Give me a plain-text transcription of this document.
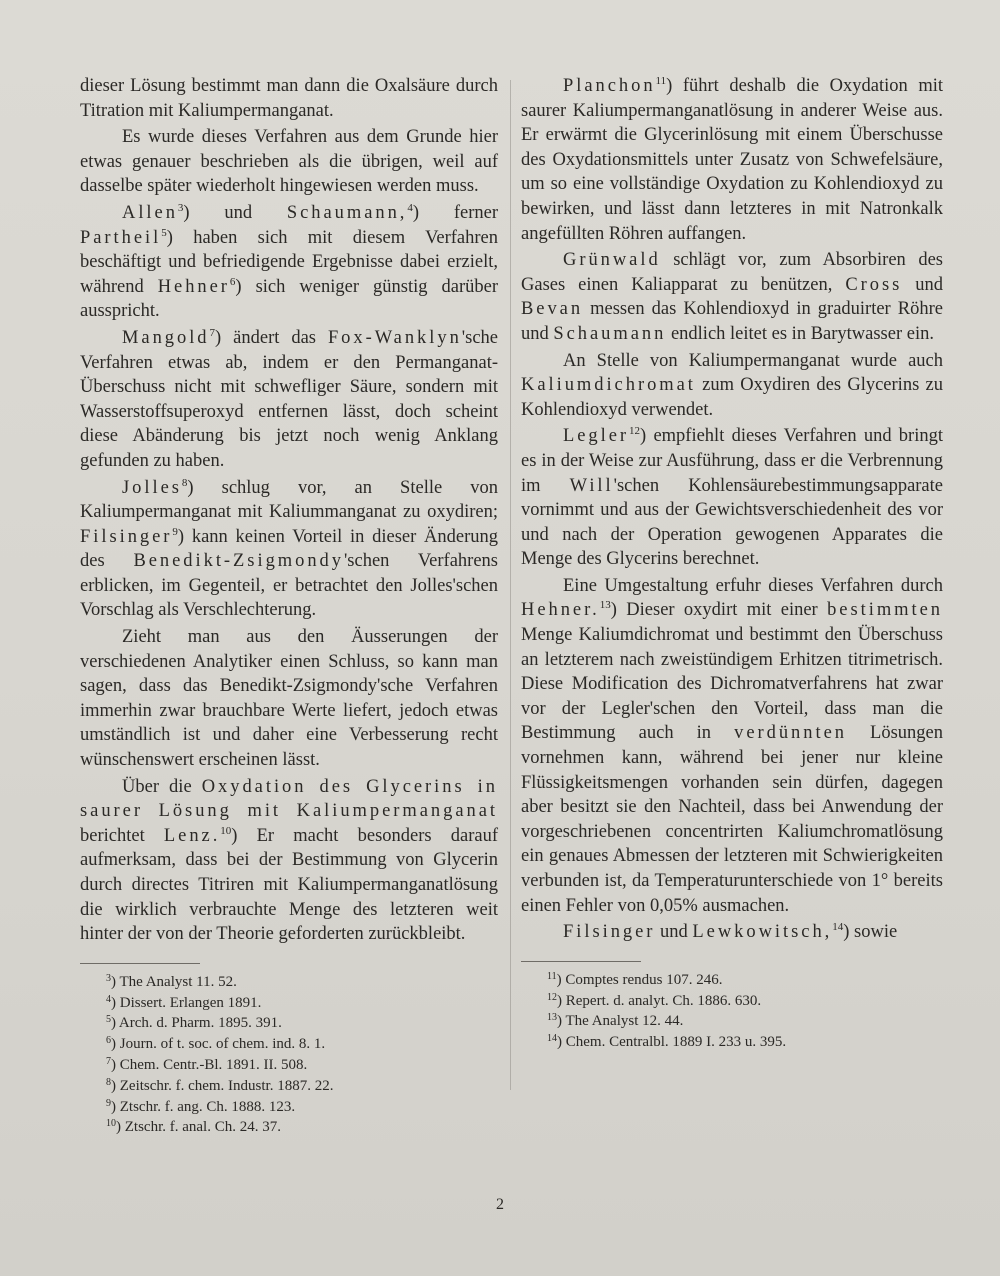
dieser Lösung bestimmt man dann die Oxalsäure durch Titration mit Kaliumpermanganat.

Es wurde dieses Verfahren aus dem Grunde hier etwas genauer beschrieben als die übrigen, weil auf dasselbe später wiederholt hingewiesen werden muss.

Allen$^3$) und Schaumann,$^4$) ferner Partheil$^5$) haben sich mit diesem Verfahren beschäftigt und befriedigende Ergebnisse dabei erzielt, während Hehner$^6$) sich weniger günstig darüber ausspricht.

Mangold$^7$) ändert das Fox-Wanklyn'sche Verfahren etwas ab, indem er den Permanganat-Überschuss nicht mit schwefliger Säure, sondern mit Wasserstoffsuperoxyd entfernen lässt, doch scheint diese Abänderung bis jetzt noch wenig Anklang gefunden zu haben.

Jolles$^8$) schlug vor, an Stelle von Kaliumpermanganat mit Kaliummanganat zu oxydiren; Filsinger$^9$) kann keinen Vorteil in dieser Änderung des Benedikt-Zsigmondy'schen Verfahrens erblicken, im Gegenteil, er betrachtet den Jolles'schen Vorschlag als Verschlechterung.

Zieht man aus den Äusserungen der verschiedenen Analytiker einen Schluss, so kann man sagen, dass das Benedikt-Zsigmondy'sche Verfahren immerhin zwar brauchbare Werte liefert, jedoch etwas umständlich ist und daher eine Verbesserung recht wünschenswert erscheinen lässt.

Über die Oxydation des Glycerins in saurer Lösung mit Kaliumpermanganat berichtet Lenz.$^{10}$) Er macht besonders darauf aufmerksam, dass bei der Bestimmung von Glycerin durch directes Titriren mit Kaliumpermanganatlösung die wirklich verbrauchte Menge des letzteren weit hinter der von der Theorie geforderten zurückbleibt.

$^3$) The Analyst 11. 52.
$^4$) Dissert. Erlangen 1891.
$^5$) Arch. d. Pharm. 1895. 391.
$^6$) Journ. of t. soc. of chem. ind. 8. 1.
$^7$) Chem. Centr.-Bl. 1891. II. 508.
$^8$) Zeitschr. f. chem. Industr. 1887. 22.
$^9$) Ztschr. f. ang. Ch. 1888. 123.
$^{10}$) Ztschr. f. anal. Ch. 24. 37.

Planchon$^{11}$) führt deshalb die Oxydation mit saurer Kaliumpermanganatlösung in anderer Weise aus. Er erwärmt die Glycerinlösung mit einem Überschusse des Oxydationsmittels unter Zusatz von Schwefelsäure, um so eine vollständige Oxydation zu Kohlendioxyd zu bewirken, und lässt dann letzteres in mit Natronkalk angefüllten Röhren auffangen.

Grünwald schlägt vor, zum Absorbiren des Gases einen Kaliapparat zu benützen, Cross und Bevan messen das Kohlendioxyd in graduirter Röhre und Schaumann endlich leitet es in Barytwasser ein.

An Stelle von Kaliumpermanganat wurde auch Kaliumdichromat zum Oxydiren des Glycerins zu Kohlendioxyd verwendet.

Legler$^{12}$) empfiehlt dieses Verfahren und bringt es in der Weise zur Ausführung, dass er die Verbrennung im Will'schen Kohlensäurebestimmungsapparate vornimmt und aus der Gewichtsverschiedenheit des vor und nach der Operation gewogenen Apparates die Menge des Glycerins berechnet.

Eine Umgestaltung erfuhr dieses Verfahren durch Hehner.$^{13}$) Dieser oxydirt mit einer bestimmten Menge Kaliumdichromat und bestimmt den Überschuss an letzterem nach zweistündigem Erhitzen titrimetrisch. Diese Modification des Dichromatverfahrens hat zwar vor der Legler'schen den Vorteil, dass man die Bestimmung auch in verdünnten Lösungen vornehmen kann, während bei jener nur kleine Flüssigkeitsmengen vorhanden sein dürfen, dagegen aber besitzt sie den Nachteil, dass bei Anwendung der vorgeschriebenen concentrirten Kaliumchromatlösung ein genaues Abmessen der letzteren mit Schwierigkeiten verbunden ist, da Temperaturunterschiede von 1° bereits einen Fehler von 0,05% ausmachen.

Filsinger und Lewkowitsch,$^{14}$) sowie

$^{11}$) Comptes rendus 107. 246.
$^{12}$) Repert. d. analyt. Ch. 1886. 630.
$^{13}$) The Analyst 12. 44.
$^{14}$) Chem. Centralbl. 1889 I. 233 u. 395.
2
